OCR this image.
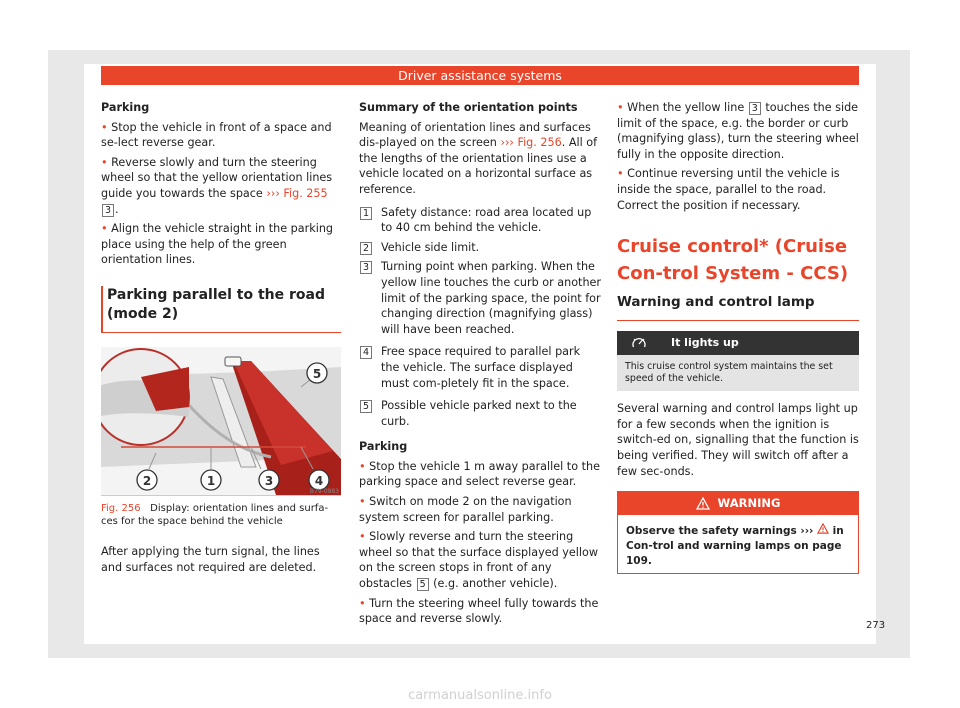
Driver assistance systems

Parking

• Stop the vehicle in front of a space and se-lect reverse gear.

• Reverse slowly and turn the steering wheel so that the yellow orientation lines guide you towards the space ››› Fig. 255 3 .

• Align the vehicle straight in the parking place using the help of the green orientation lines.

Parking parallel to the road (mode 2)
5
2	1	3	4
B7V-0983

Fig. 256 Display: orientation lines and surfa-ces for the space behind the vehicle

After applying the turn signal, the lines and surfaces not required are deleted.

Summary of the orientation points

Meaning of orientation lines and surfaces dis-played on the screen ››› Fig. 256. All of the lengths of the orientation lines use a vehicle located on a horizontal surface as reference.

1	Safety distance: road area located up to 40 cm behind the vehicle.
2	Vehicle side limit.
3	Turning point when parking. When the yellow line touches the curb or another limit of the parking space, the point for changing direction (magnifying glass) will have been reached.
4	Free space required to parallel park the vehicle. The surface displayed must com-pletely fit in the space.
5	Possible vehicle parked next to the curb.

Parking

• Stop the vehicle 1 m away parallel to the parking space and select reverse gear.

• Switch on mode 2 on the navigation system screen for parallel parking.

• Slowly reverse and turn the steering wheel so that the surface displayed yellow on the screen stops in front of any obstacles 5 (e.g. another vehicle).

• Turn the steering wheel fully towards the space and reverse slowly.

• When the yellow line 3 touches the side limit of the space, e.g. the border or curb (magnifying glass), turn the steering wheel fully in the opposite direction.

• Continue reversing until the vehicle is inside the space, parallel to the road. Correct the position if necessary.

Cruise control* (Cruise Con-trol System - CCS)
Warning and control lamp
It lights up
This cruise control system maintains the set speed of the vehicle.

Several warning and control lamps light up for a few seconds when the ignition is switch-ed on, signalling that the function is being verified. They will switch off after a few sec-onds.

WARNING
Observe the safety warnings ›››  in Con-trol and warning lamps on page 109.
273
carmanualsonline.info
